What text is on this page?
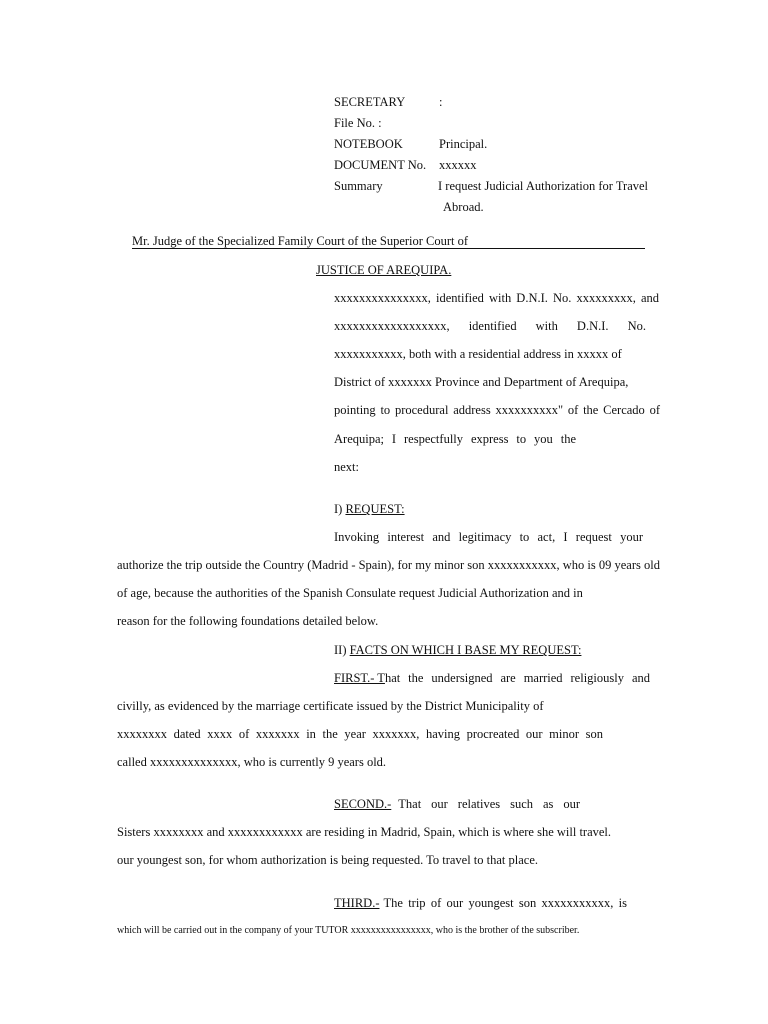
SECRETARY	:
File No. :
NOTEBOOK	Principal.
DOCUMENT No. xxxxxx
Summary	I request Judicial Authorization for Travel
Abroad.
Mr. Judge of the Specialized Family Court of the Superior Court of
JUSTICE OF AREQUIPA.
xxxxxxxxxxxxxxx, identified with D.N.I. No. xxxxxxxxx, and
xxxxxxxxxxxxxxxxxx, identified with D.N.I. No.
xxxxxxxxxxx, both with a residential address in xxxxx of
District of xxxxxxx Province and Department of Arequipa,
pointing to procedural address xxxxxxxxxx" of the Cercado of
Arequipa; I respectfully express to you the
next:
I) REQUEST:
Invoking interest and legitimacy to act, I request your
authorize the trip outside the Country (Madrid - Spain), for my minor son xxxxxxxxxxx, who is 09 years old
of age, because the authorities of the Spanish Consulate request Judicial Authorization and in
reason for the following foundations detailed below.
II) FACTS ON WHICH I BASE MY REQUEST:
FIRST.- T hat the undersigned are married religiously and
civilly, as evidenced by the marriage certificate issued by the District Municipality of
xxxxxxxx dated xxxx of xxxxxxx in the year xxxxxxx, having procreated our minor son
called xxxxxxxxxxxxxx, who is currently 9 years old.
SECOND.- That our relatives such as our
Sisters xxxxxxxx and xxxxxxxxxxxx are residing in Madrid, Spain, which is where she will travel.
our youngest son, for whom authorization is being requested. To travel to that place.
THIRD.- The trip of our youngest son xxxxxxxxxxx, is
which will be carried out in the company of your TUTOR xxxxxxxxxxxxxxxx, who is the brother of the subscriber.
